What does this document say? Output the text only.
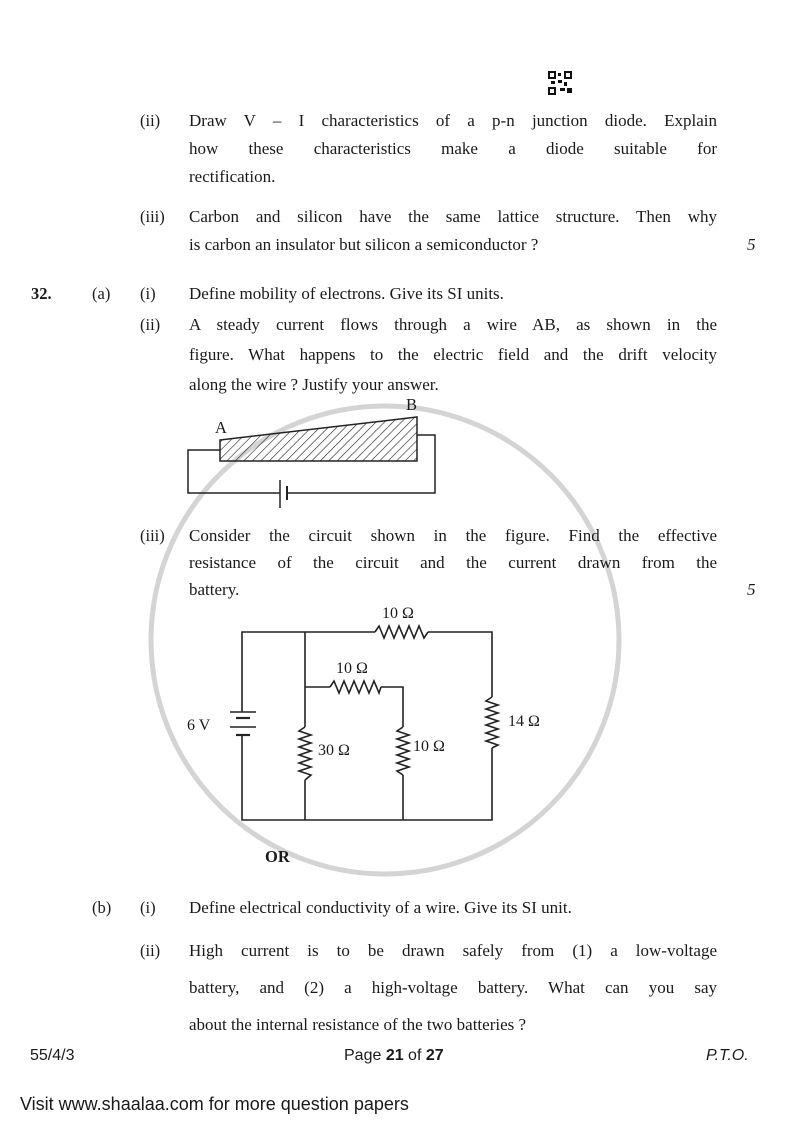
(ii) Draw V – I characteristics of a p-n junction diode. Explain
how these characteristics make a diode suitable for
rectification.
(iii) Carbon and silicon have the same lattice structure. Then why
is carbon an insulator but silicon a semiconductor ?	5
32. (a) (i) Define mobility of electrons. Give its SI units.
(ii) A steady current flows through a wire AB, as shown in the
figure. What happens to the electric field and the drift velocity
along the wire ? Justify your answer.
A
B
(iii) Consider the circuit shown in the figure. Find the effective
resistance of the circuit and the current drawn from the
battery.	5
6 V
10 Ω
10 Ω
30 Ω	10 Ω
14 Ω
OR
(b) (i) Define electrical conductivity of a wire. Give its SI unit.
(ii) High current is to be drawn safely from (1) a low-voltage
battery, and (2) a high-voltage battery. What can you say
about the internal resistance of the two batteries ?
55/4/3	Page 21 of 27	P.T.O.
Visit www.shaalaa.com for more question papers
